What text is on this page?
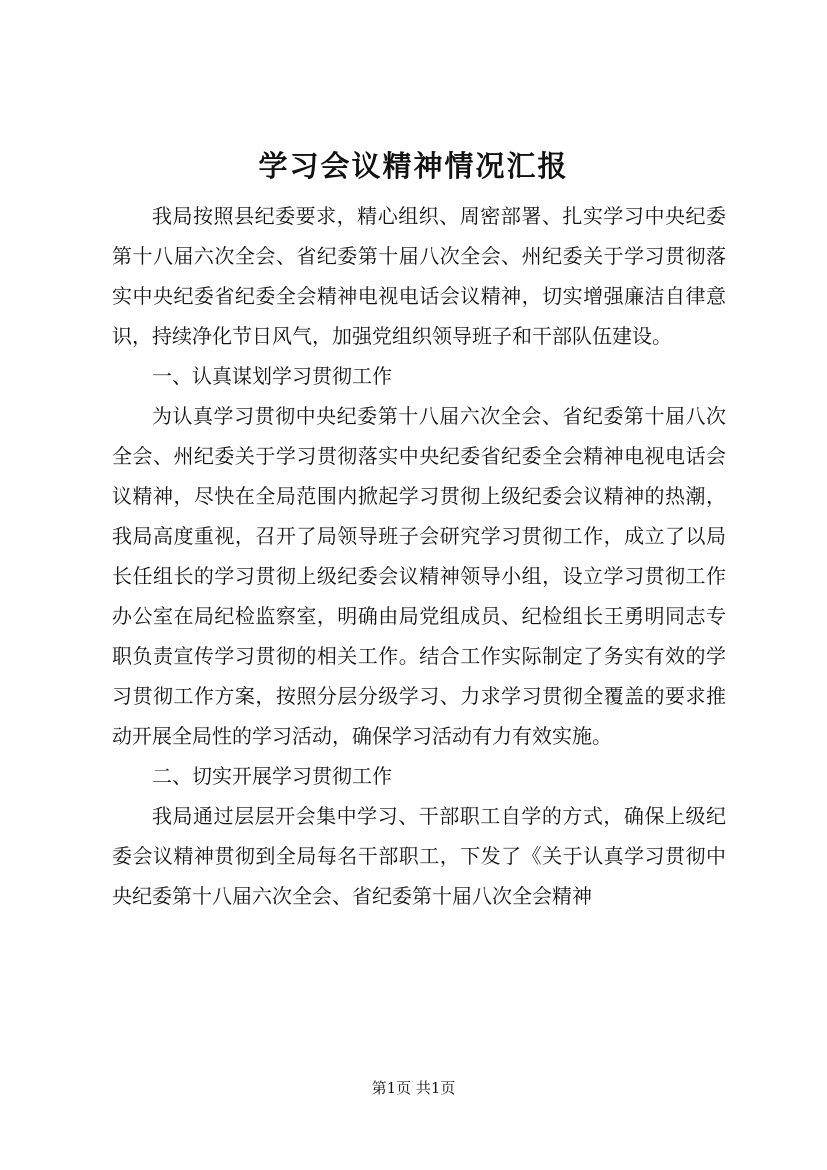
学习会议精神情况汇报

我局按照县纪委要求，精心组织、周密部署、扎实学习中央纪委第十八届六次全会、省纪委第十届八次全会、州纪委关于学习贯彻落实中央纪委省纪委全会精神电视电话会议精神，切实增强廉洁自律意识，持续净化节日风气，加强党组织领导班子和干部队伍建设。

一、认真谋划学习贯彻工作

为认真学习贯彻中央纪委第十八届六次全会、省纪委第十届八次全会、州纪委关于学习贯彻落实中央纪委省纪委全会精神电视电话会议精神，尽快在全局范围内掀起学习贯彻上级纪委会议精神的热潮，我局高度重视，召开了局领导班子会研究学习贯彻工作，成立了以局长任组长的学习贯彻上级纪委会议精神领导小组，设立学习贯彻工作办公室在局纪检监察室，明确由局党组成员、纪检组长王勇明同志专职负责宣传学习贯彻的相关工作。结合工作实际制定了务实有效的学习贯彻工作方案，按照分层分级学习、力求学习贯彻全覆盖的要求推动开展全局性的学习活动，确保学习活动有力有效实施。

二、切实开展学习贯彻工作

我局通过层层开会集中学习、干部职工自学的方式，确保上级纪委会议精神贯彻到全局每名干部职工，下发了《关于认真学习贯彻中央纪委第十八届六次全会、省纪委第十届八次全会精神

第1页 共1页
